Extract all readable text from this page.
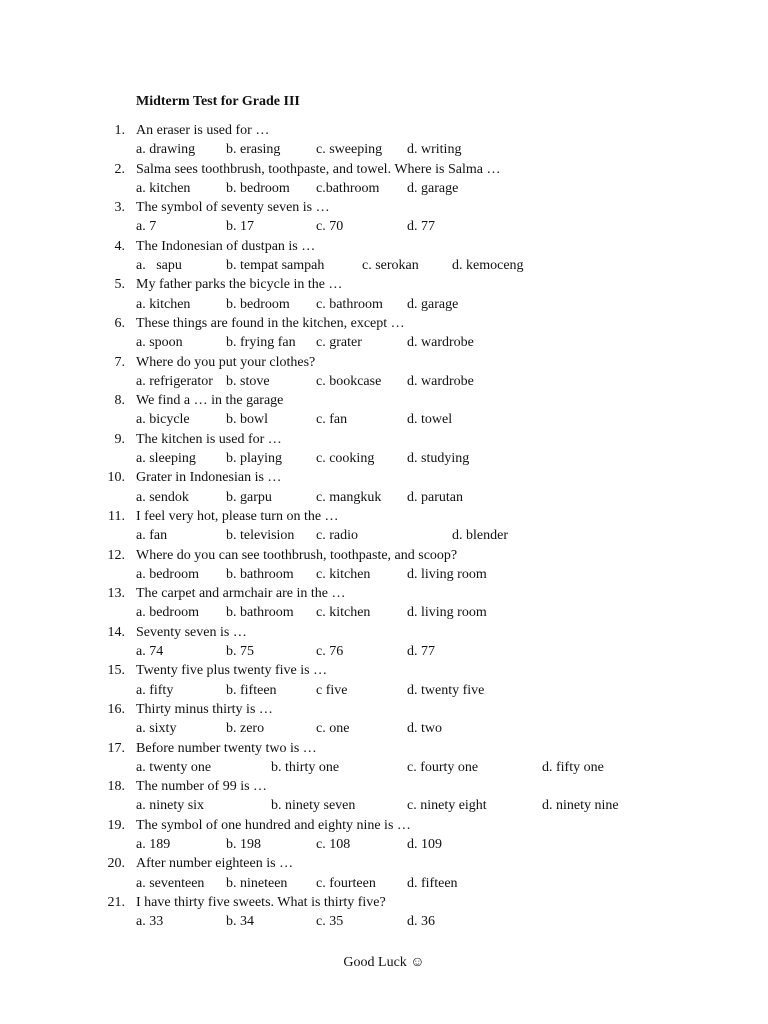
Midterm Test for Grade III
1. An eraser is used for …
a. drawing b. erasing	c. sweeping d. writing
2. Salma sees toothbrush, toothpaste, and towel. Where is Salma …
a. kitchen	b. bedroom c.bathroom d. garage
3. The symbol of seventy seven is …
a. 7	b. 17	c. 70	d. 77
4. The Indonesian of dustpan is …
a.   sapu	b. tempat sampah	c. serokan d. kemoceng
5. My father parks the bicycle in the …
a. kitchen	b. bedroom c. bathroom d. garage
6. These things are found in the kitchen, except …
a. spoon	b. frying fan c. grater	d. wardrobe
7. Where do you put your clothes?
a. refrigerator b. stove	c. bookcase d. wardrobe
8. We find a … in the garage
a. bicycle	b. bowl	c. fan	d. towel
9. The kitchen is used for …
a. sleeping b. playing c. cooking d. studying
10. Grater in Indonesian is …
a. sendok	b. garpu	c. mangkuk d. parutan
11. I feel very hot, please turn on the …
a. fan	b. television c. radio	d. blender
12. Where do you can see toothbrush, toothpaste, and scoop?
a. bedroom b. bathroom c. kitchen	d. living room
13. The carpet and armchair are in the …
a. bedroom b. bathroom c. kitchen	d. living room
14. Seventy seven is …
a. 74	b. 75	c. 76	d. 77
15. Twenty five plus twenty five is …
a. fifty	b. fifteen	c five	d. twenty five
16. Thirty minus thirty is …
a. sixty	b. zero	c. one	d. two
17. Before number twenty two is …
a. twenty one	b. thirty one	c. fourty one	d. fifty one
18. The number of 99 is …
a. ninety six	b. ninety seven	c. ninety eight	d. ninety nine
19. The symbol of one hundred and eighty nine is …
a. 189	b. 198	c. 108	d. 109
20. After number eighteen is …
a. seventeen b. nineteen c. fourteen d. fifteen
21. I have thirty five sweets. What is thirty five?
a. 33	b. 34	c. 35	d. 36
Good Luck ☺
